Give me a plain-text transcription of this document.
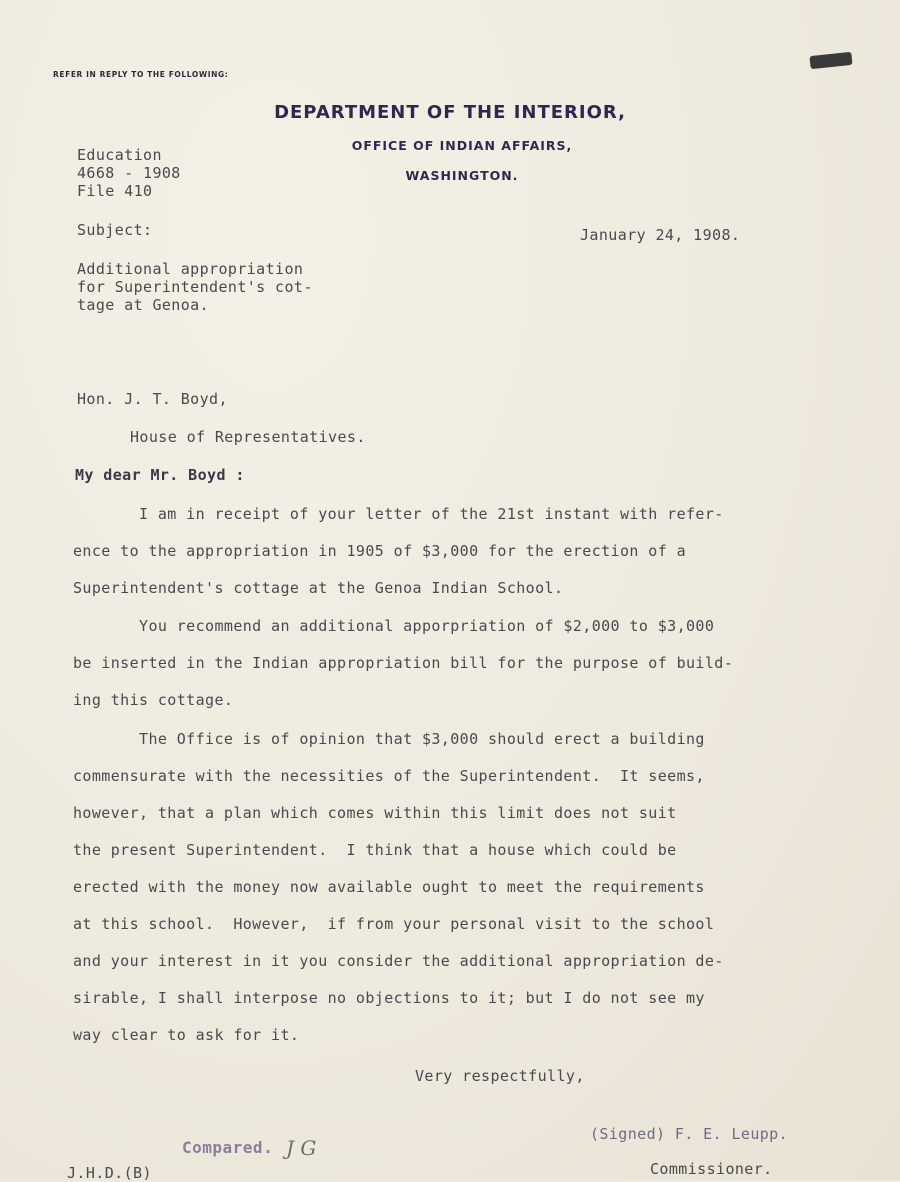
REFER IN REPLY TO THE FOLLOWING:
DEPARTMENT OF THE INTERIOR,
OFFICE OF INDIAN AFFAIRS,
WASHINGTON.
Education
4668 - 1908
File 410
Subject:	January 24, 1908.
Additional appropriation
for Superintendent's cot-
tage at Genoa.
Hon. J. T. Boyd,
House of Representatives.
My dear Mr. Boyd :
I am in receipt of your letter of the 21st instant with refer-
ence to the appropriation in 1905 of $3,000 for the erection of a
Superintendent's cottage at the Genoa Indian School.
You recommend an additional apporpriation of $2,000 to $3,000
be inserted in the Indian appropriation bill for the purpose of build-
ing this cottage.
The Office is of opinion that $3,000 should erect a building
commensurate with the necessities of the Superintendent.  It seems,
however, that a plan which comes within this limit does not suit
the present Superintendent.  I think that a house which could be
erected with the money now available ought to meet the requirements
at this school.  However,  if from your personal visit to the school
and your interest in it you consider the additional appropriation de-
sirable, I shall interpose no objections to it; but I do not see my
way clear to ask for it.
Very respectfully,
(Signed) F. E. Leupp.
Commissioner.
J.H.D.(B)
Compared. J G
